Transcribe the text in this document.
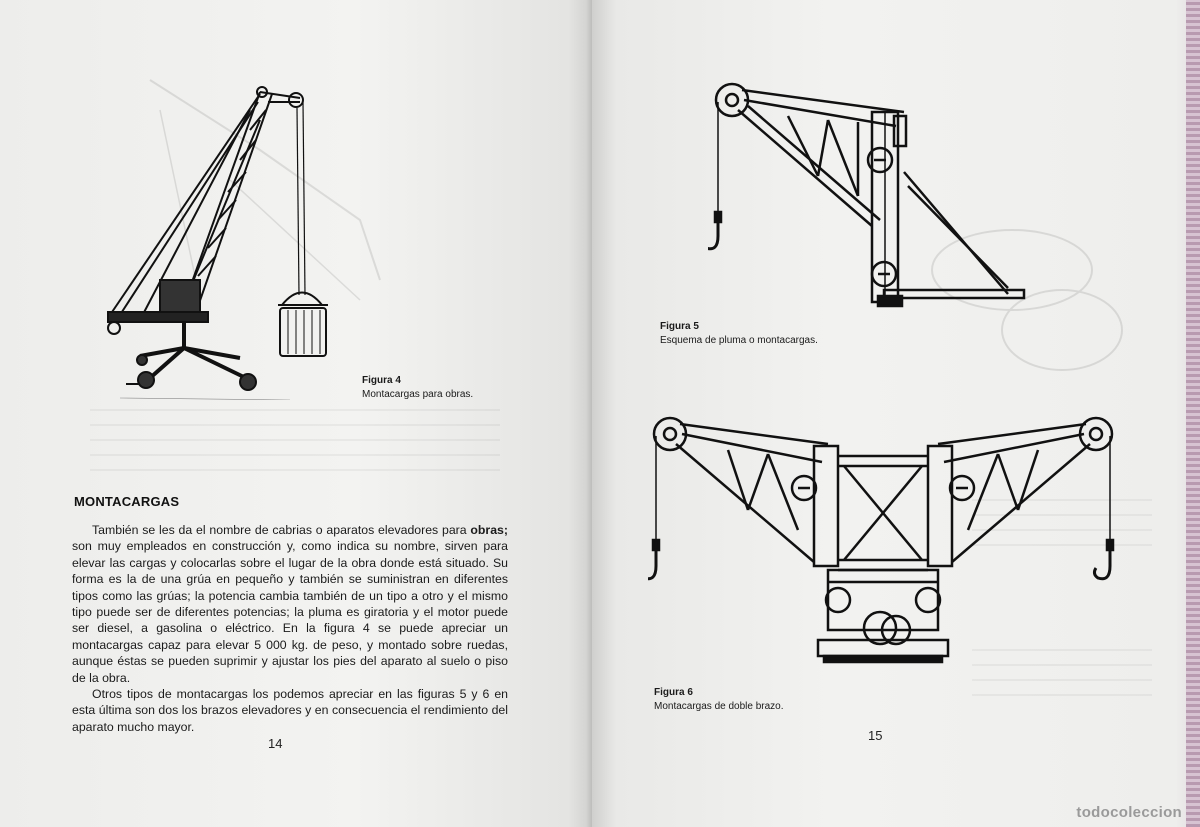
Figura 4
Montacargas para obras.
MONTACARGAS

También se les da el nombre de cabrias o aparatos elevadores para obras; son muy empleados en construcción y, como indica su nombre, sirven para elevar las cargas y colocarlas sobre el lugar de la obra donde está situado. Su forma es la de una grúa en pequeño y también se suministran en diferentes tipos como las grúas; la potencia cambia también de un tipo a otro y el mismo tipo puede ser de diferentes potencias; la pluma es giratoria y el motor puede ser diesel, a gasolina o eléctrico. En la figura 4 se puede apreciar un montacargas capaz para elevar 5 000 kg. de peso, y montado sobre ruedas, aunque éstas se pueden suprimir y ajustar los pies del aparato al suelo o piso de la obra.

Otros tipos de montacargas los podemos apreciar en las figuras 5 y 6 en esta última son dos los brazos elevadores y en consecuencia el rendimiento del aparato mucho mayor.

14
Figura 5
Esquema de pluma o montacargas.
Figura 6
Montacargas de doble brazo.
15
todocoleccion
